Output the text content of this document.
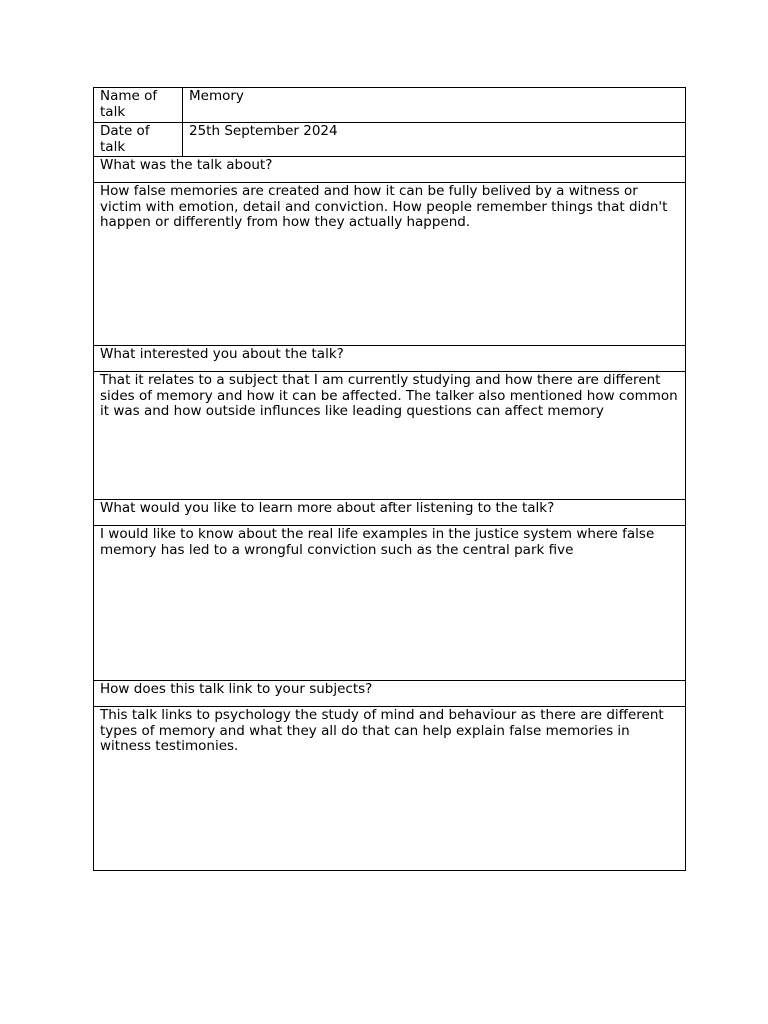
Name of talk	Memory
Date of talk	25th September 2024
What was the talk about?	
How false memories are created and how it can be fully belived by a witness or victim with emotion, detail and conviction. How people remember things that didn't happen or differently from how they actually happend.	
What interested you about the talk?	
That it relates to a subject that I am currently studying and how there are different sides of memory and how it can be affected. The talker also mentioned how common it was and how outside influnces like leading questions can affect memory	
What would you like to learn more about after listening to the talk?	
I would like to know about the real life examples in the justice system where false memory has led to a wrongful conviction such as the central park five	
How does this talk link to your subjects?	
This talk links to psychology the study of mind and behaviour as there are different types of memory and what they all do that can help explain false memories in witness testimonies.	
